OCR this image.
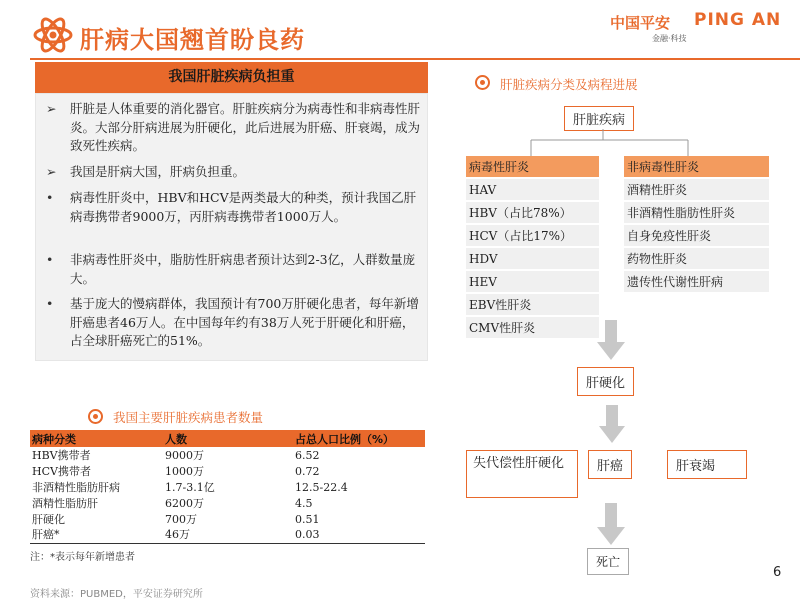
肝病大国翘首盼良药
中国平安 PING AN
金融·科技
我国肝脏疾病负担重
➢ 肝脏是人体重要的消化器官。肝脏疾病分为病毒性和非病毒性肝炎。大部分肝病进展为肝硬化，此后进展为肝癌、肝衰竭，成为致死性疾病。
➢ 我国是肝病大国，肝病负担重。
•	病毒性肝炎中，HBV和HCV是两类最大的种类，预计我国乙肝病毒携带者9000万，丙肝病毒携带者1000万人。
•	非病毒性肝炎中，脂肪性肝病患者预计达到2-3亿，人群数量庞大。
•	基于庞大的慢病群体，我国预计有700万肝硬化患者，每年新增肝癌患者46万人。在中国每年约有38万人死于肝硬化和肝癌，占全球肝癌死亡的51%。
肝脏疾病分类及病程进展
肝脏疾病
病毒性肝炎
HAV
HBV（占比78%）
HCV（占比17%）
HDV
HEV
EBV性肝炎
CMV性肝炎
非病毒性肝炎
酒精性肝炎
非酒精性脂肪性肝炎
自身免疫性肝炎
药物性肝炎
遗传性代谢性肝病
肝硬化
失代偿性肝硬化	肝癌	肝衰竭
死亡
我国主要肝脏疾病患者数量
病种分类	人数	占总人口比例（%）
HBV携带者	9000万	6.52
HCV携带者	1000万	0.72
非酒精性脂肪肝病	1.7-3.1亿	12.5-22.4
酒精性脂肪肝	6200万	4.5
肝硬化	700万	0.51
肝癌*	46万	0.03
注：*表示每年新增患者
资料来源：PUBMED，平安证券研究所
6
